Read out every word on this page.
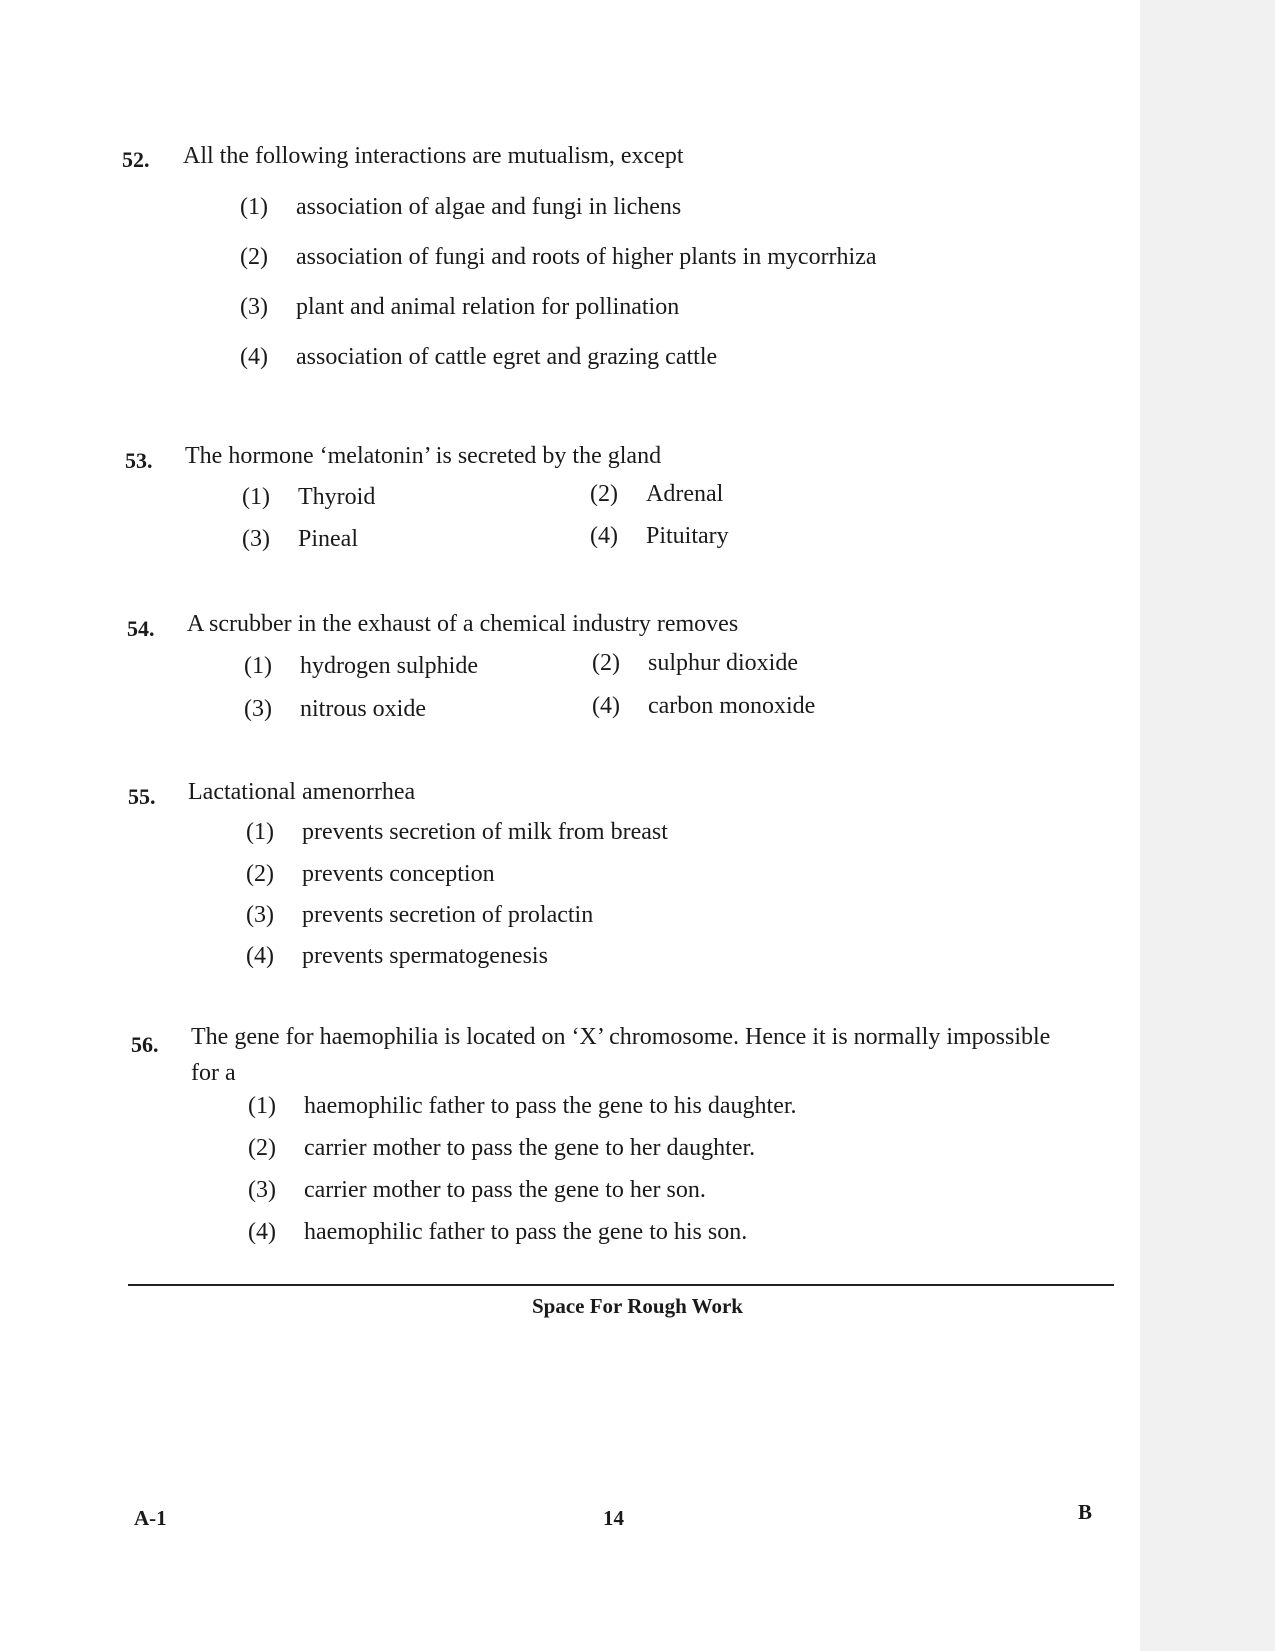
52. All the following interactions are mutualism, except
(1) association of algae and fungi in lichens
(2) association of fungi and roots of higher plants in mycorrhiza
(3) plant and animal relation for pollination
(4) association of cattle egret and grazing cattle
53. The hormone ‘melatonin’ is secreted by the gland
(1) Thyroid	(2) Adrenal
(3) Pineal	(4) Pituitary
54. A scrubber in the exhaust of a chemical industry removes
(1) hydrogen sulphide	(2) sulphur dioxide
(3) nitrous oxide	(4) carbon monoxide
55. Lactational amenorrhea
(1) prevents secretion of milk from breast
(2) prevents conception
(3) prevents secretion of prolactin
(4) prevents spermatogenesis
56. The gene for haemophilia is located on ‘X’ chromosome. Hence it is normally impossible
for a
(1) haemophilic father to pass the gene to his daughter.
(2) carrier mother to pass the gene to her daughter.
(3) carrier mother to pass the gene to her son.
(4) haemophilic father to pass the gene to his son.
Space For Rough Work
A-1	14	B
